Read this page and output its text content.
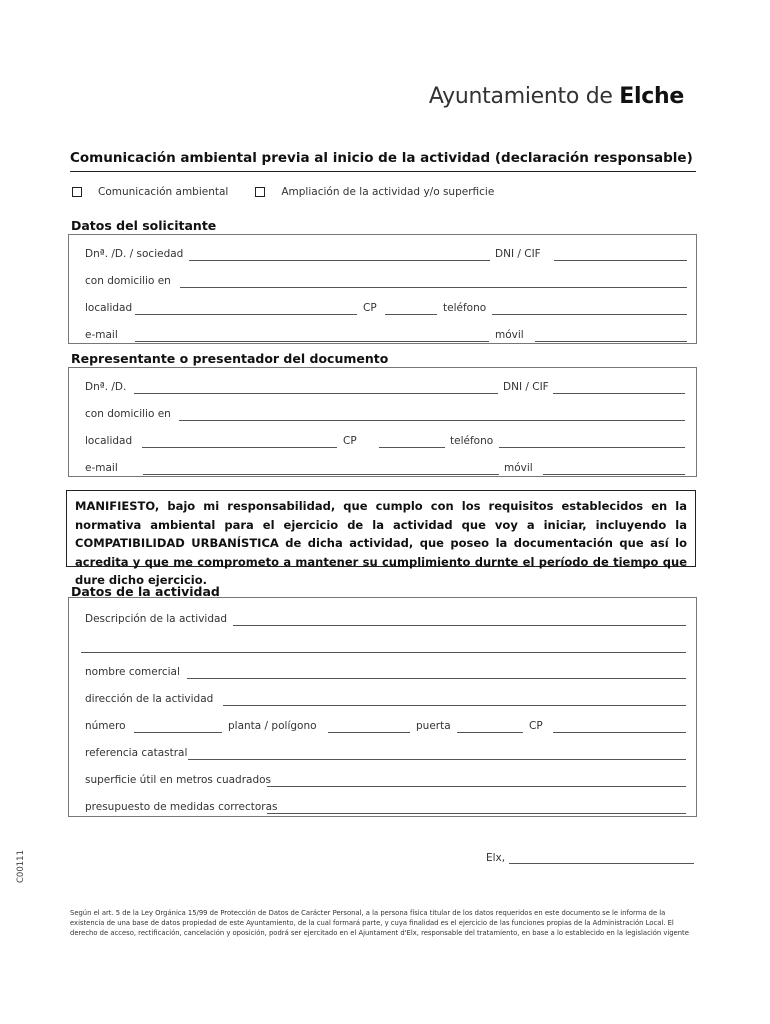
Ayuntamiento de Elche
Comunicación ambiental previa al inicio de la actividad (declaración responsable)
Comunicación ambiental	Ampliación de la actividad y/o superficie
Datos del solicitante
Dnª. /D. / sociedad	DNI / CIF
con domicilio en
localidad	CP	teléfono
e-mail	móvil
Representante o presentador del documento
Dnª. /D.	DNI / CIF
con domicilio en
localidad	CP	teléfono
e-mail	móvil
MANIFIESTO, bajo mi responsabilidad, que cumplo con los requisitos establecidos en la normativa ambiental para el ejercicio de la actividad que voy a iniciar, incluyendo la COMPATIBILIDAD URBANÍSTICA de dicha actividad, que poseo la documentación que así lo acredita y que me comprometo a mantener su cumplimiento durnte el período de tiempo que dure dicho ejercicio.
Datos de la actividad
Descripción de la actividad
nombre comercial
dirección de la actividad
número	planta / polígono	puerta	CP
referencia catastral
superficie útil en metros cuadrados
presupuesto de medidas correctoras
Elx,
C00111
Según el art. 5 de la Ley Orgánica 15/99 de Protección de Datos de Carácter Personal, a la persona física titular de los datos requeridos en este documento se le informa de la existencia de una base de datos propiedad de este Ayuntamiento, de la cual formará parte, y cuya finalidad es el ejercicio de las funciones propias de la Administración Local. El derecho de acceso, rectificación, cancelación y oposición, podrá ser ejercitado en el Ajuntament d'Elx, responsable del tratamiento, en base a lo establecido en la legislación vigente
